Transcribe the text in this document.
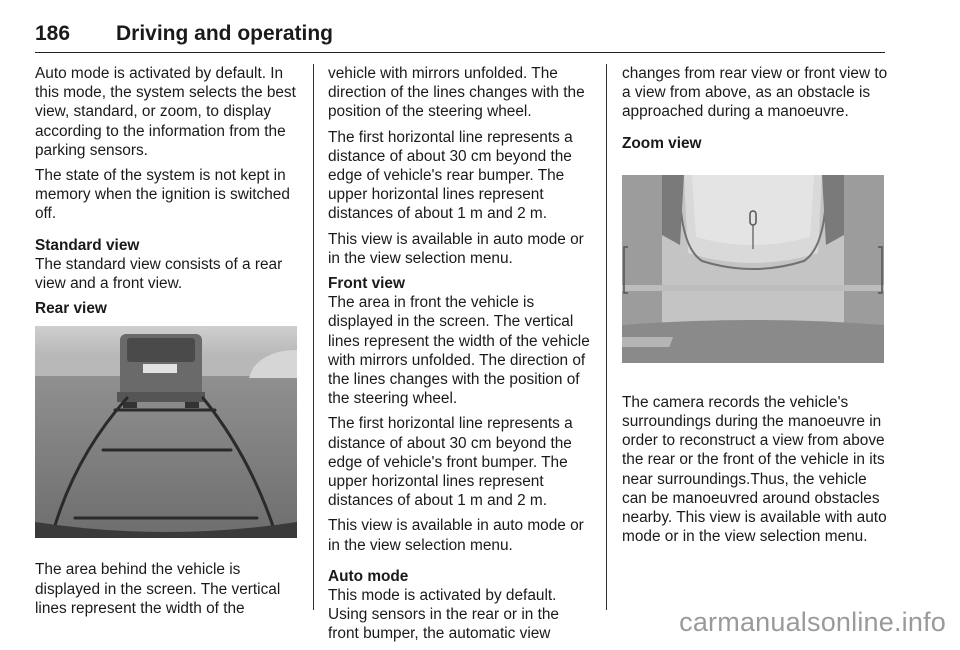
186 Driving and operating

Auto mode is activated by default. In this mode, the system selects the best view, standard, or zoom, to display according to the information from the parking sensors.

The state of the system is not kept in memory when the ignition is switched off.

Standard view

The standard view consists of a rear view and a front view.

Rear view

The area behind the vehicle is displayed in the screen. The vertical lines represent the width of the

vehicle with mirrors unfolded. The direction of the lines changes with the position of the steering wheel.

The first horizontal line represents a distance of about 30 cm beyond the edge of vehicle's rear bumper. The upper horizontal lines represent distances of about 1 m and 2 m.

This view is available in auto mode or in the view selection menu.

Front view

The area in front the vehicle is displayed in the screen. The vertical lines represent the width of the vehicle with mirrors unfolded. The direction of the lines changes with the position of the steering wheel.

The first horizontal line represents a distance of about 30 cm beyond the edge of vehicle's front bumper. The upper horizontal lines represent distances of about 1 m and 2 m.

This view is available in auto mode or in the view selection menu.

Auto mode

This mode is activated by default. Using sensors in the rear or in the front bumper, the automatic view

changes from rear view or front view to a view from above, as an obstacle is approached during a manoeuvre.

Zoom view

The camera records the vehicle's surroundings during the manoeuvre in order to reconstruct a view from above the rear or the front of the vehicle in its near surroundings.Thus, the vehicle can be manoeuvred around obstacles nearby. This view is available with auto mode or in the view selection menu.

carmanualsonline.info
